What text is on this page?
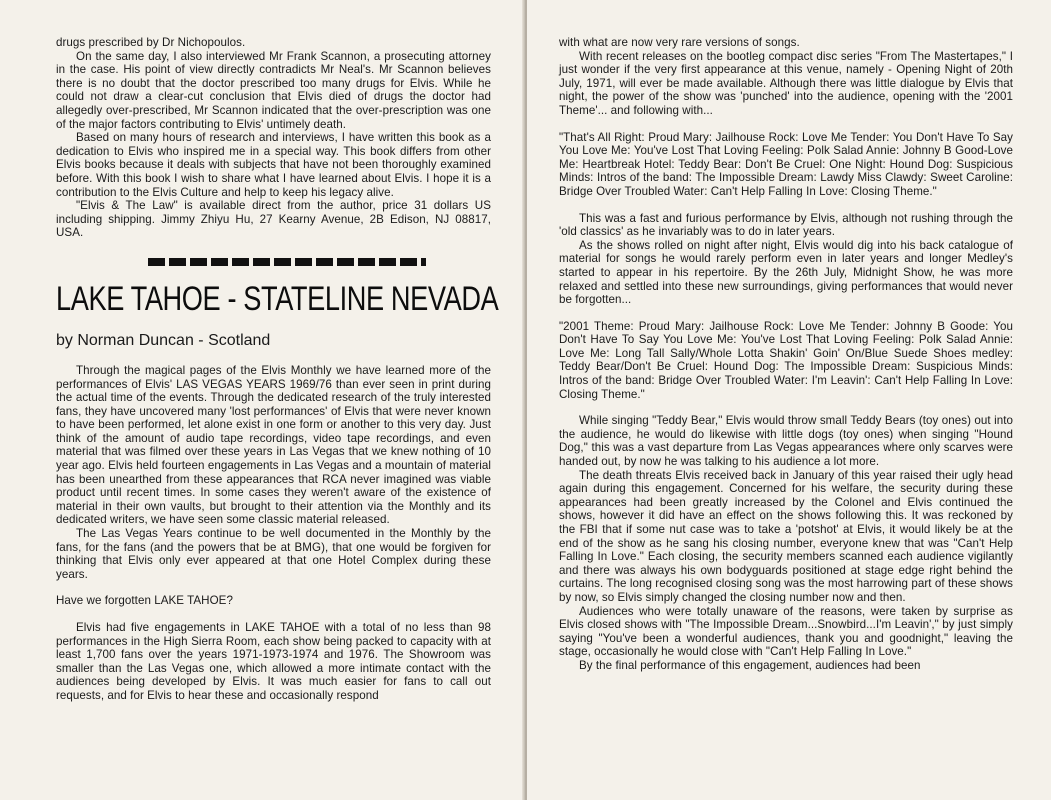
drugs prescribed by Dr Nichopoulos.

On the same day, I also interviewed Mr Frank Scannon, a prosecuting attorney in the case. His point of view directly contradicts Mr Neal's. Mr Scannon believes there is no doubt that the doctor prescribed too many drugs for Elvis. While he could not draw a clear-cut conclusion that Elvis died of drugs the doctor had allegedly over-prescribed, Mr Scannon indicated that the over-prescription was one of the major factors contributing to Elvis' untimely death.

Based on many hours of research and interviews, I have written this book as a dedication to Elvis who inspired me in a special way. This book differs from other Elvis books because it deals with subjects that have not been thoroughly examined before. With this book I wish to share what I have learned about Elvis. I hope it is a contribution to the Elvis Culture and help to keep his legacy alive.

"Elvis & The Law" is available direct from the author, price 31 dollars US including shipping. Jimmy Zhiyu Hu, 27 Kearny Avenue, 2B Edison, NJ 08817, USA.

LAKE TAHOE - STATELINE NEVADA
by Norman Duncan - Scotland

Through the magical pages of the Elvis Monthly we have learned more of the performances of Elvis' LAS VEGAS YEARS 1969/76 than ever seen in print during the actual time of the events. Through the dedicated research of the truly interested fans, they have uncovered many 'lost performances' of Elvis that were never known to have been performed, let alone exist in one form or another to this very day. Just think of the amount of audio tape recordings, video tape recordings, and even material that was filmed over these years in Las Vegas that we knew nothing of 10 year ago. Elvis held fourteen engagements in Las Vegas and a mountain of material has been unearthed from these appearances that RCA never imagined was viable product until recent times. In some cases they weren't aware of the existence of material in their own vaults, but brought to their attention via the Monthly and its dedicated writers, we have seen some classic material released.

The Las Vegas Years continue to be well documented in the Monthly by the fans, for the fans (and the powers that be at BMG), that one would be forgiven for thinking that Elvis only ever appeared at that one Hotel Complex during these years.

Have we forgotten LAKE TAHOE?

Elvis had five engagements in LAKE TAHOE with a total of no less than 98 performances in the High Sierra Room, each show being packed to capacity with at least 1,700 fans over the years 1971-1973-1974 and 1976. The Showroom was smaller than the Las Vegas one, which allowed a more intimate contact with the audiences being developed by Elvis. It was much easier for fans to call out requests, and for Elvis to hear these and occasionally respond

with what are now very rare versions of songs.

With recent releases on the bootleg compact disc series "From The Mastertapes," I just wonder if the very first appearance at this venue, namely - Opening Night of 20th July, 1971, will ever be made available. Although there was little dialogue by Elvis that night, the power of the show was 'punched' into the audience, opening with the '2001 Theme'... and following with...

"That's All Right: Proud Mary: Jailhouse Rock: Love Me Tender: You Don't Have To Say You Love Me: You've Lost That Loving Feeling: Polk Salad Annie: Johnny B Good-Love Me: Heartbreak Hotel: Teddy Bear: Don't Be Cruel: One Night: Hound Dog: Suspicious Minds: Intros of the band: The Impossible Dream: Lawdy Miss Clawdy: Sweet Caroline: Bridge Over Troubled Water: Can't Help Falling In Love: Closing Theme."

This was a fast and furious performance by Elvis, although not rushing through the 'old classics' as he invariably was to do in later years.

As the shows rolled on night after night, Elvis would dig into his back catalogue of material for songs he would rarely perform even in later years and longer Medley's started to appear in his repertoire. By the 26th July, Midnight Show, he was more relaxed and settled into these new surroundings, giving performances that would never be forgotten...

"2001 Theme: Proud Mary: Jailhouse Rock: Love Me Tender: Johnny B Goode: You Don't Have To Say You Love Me: You've Lost That Loving Feeling: Polk Salad Annie: Love Me: Long Tall Sally/Whole Lotta Shakin' Goin' On/Blue Suede Shoes medley: Teddy Bear/Don't Be Cruel: Hound Dog: The Impossible Dream: Suspicious Minds: Intros of the band: Bridge Over Troubled Water: I'm Leavin': Can't Help Falling In Love: Closing Theme."

While singing "Teddy Bear," Elvis would throw small Teddy Bears (toy ones) out into the audience, he would do likewise with little dogs (toy ones) when singing "Hound Dog," this was a vast departure from Las Vegas appearances where only scarves were handed out, by now he was talking to his audience a lot more.

The death threats Elvis received back in January of this year raised their ugly head again during this engagement. Concerned for his welfare, the security during these appearances had been greatly increased by the Colonel and Elvis continued the shows, however it did have an effect on the shows following this. It was reckoned by the FBI that if some nut case was to take a 'potshot' at Elvis, it would likely be at the end of the show as he sang his closing number, everyone knew that was "Can't Help Falling In Love." Each closing, the security members scanned each audience vigilantly and there was always his own bodyguards positioned at stage edge right behind the curtains. The long recognised closing song was the most harrowing part of these shows by now, so Elvis simply changed the closing number now and then.

Audiences who were totally unaware of the reasons, were taken by surprise as Elvis closed shows with "The Impossible Dream...Snowbird...I'm Leavin'," by just simply saying "You've been a wonderful audiences, thank you and goodnight," leaving the stage, occasionally he would close with "Can't Help Falling In Love."

By the final performance of this engagement, audiences had been
